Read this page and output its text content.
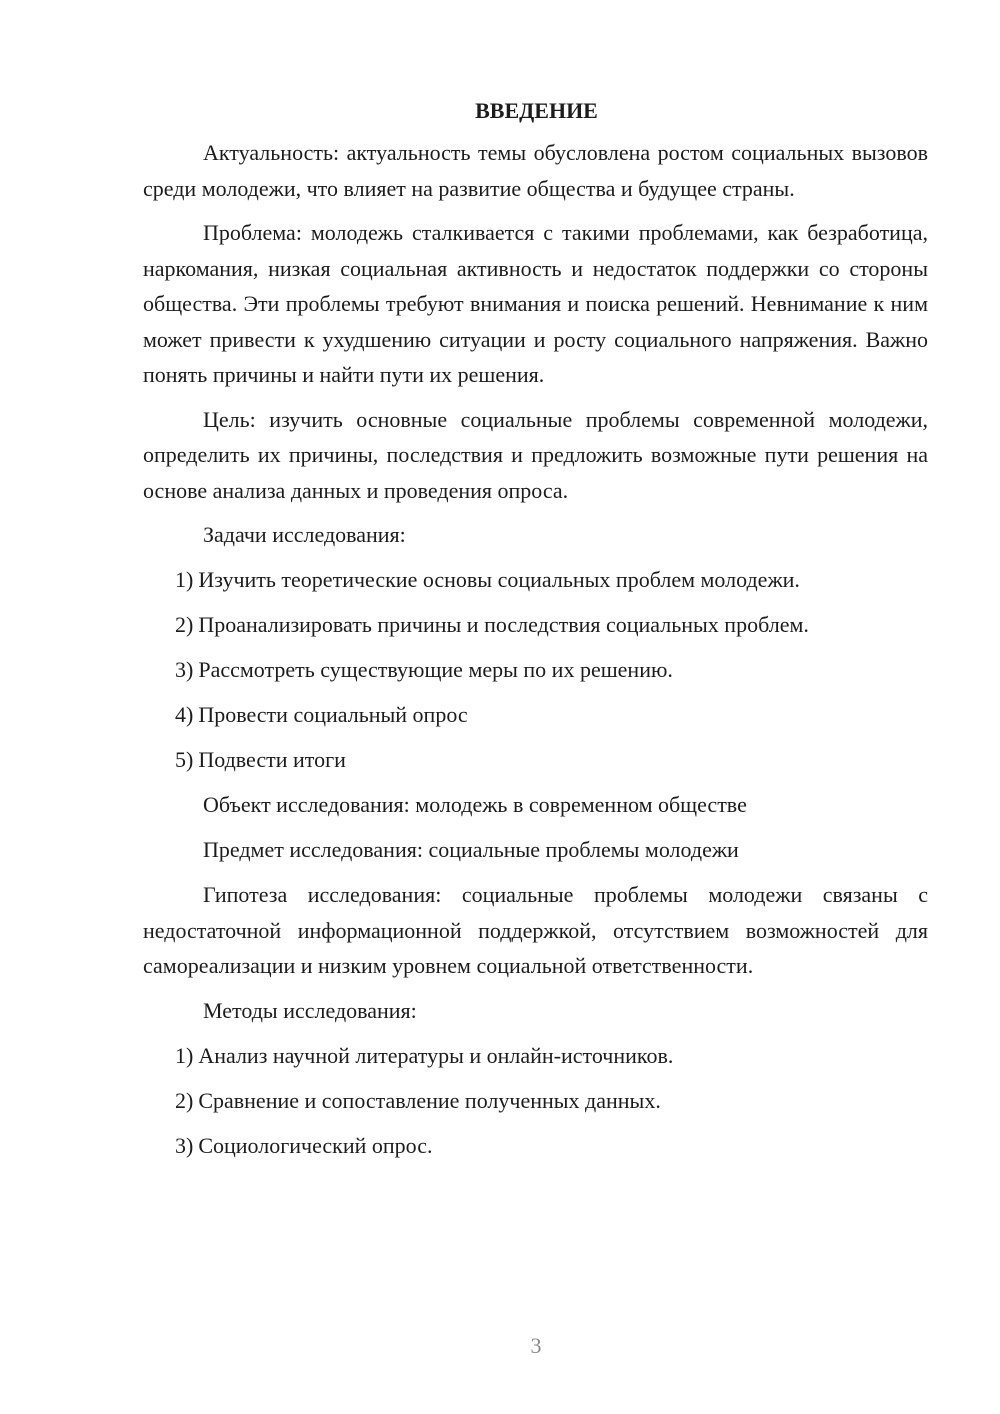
ВВЕДЕНИЕ

Актуальность: актуальность темы обусловлена ростом социальных вызовов среди молодежи, что влияет на развитие общества и будущее страны.

Проблема: молодежь сталкивается с такими проблемами, как безработица, наркомания, низкая социальная активность и недостаток поддержки со стороны общества. Эти проблемы требуют внимания и поиска решений. Невнимание к ним может привести к ухудшению ситуации и росту социального напряжения. Важно понять причины и найти пути их решения.

Цель: изучить основные социальные проблемы современной молодежи, определить их причины, последствия и предложить возможные пути решения на основе анализа данных и проведения опроса.

Задачи исследования:
1) Изучить теоретические основы социальных проблем молодежи.
2) Проанализировать причины и последствия социальных проблем.
3) Рассмотреть существующие меры по их решению.
4) Провести социальный опрос
5) Подвести итоги
Объект исследования: молодежь в современном обществе
Предмет исследования: социальные проблемы молодежи

Гипотеза исследования: социальные проблемы молодежи связаны с недостаточной информационной поддержкой, отсутствием возможностей для самореализации и низким уровнем социальной ответственности.

Методы исследования:
1) Анализ научной литературы и онлайн-источников.
2) Сравнение и сопоставление полученных данных.
3) Социологический опрос.
3
